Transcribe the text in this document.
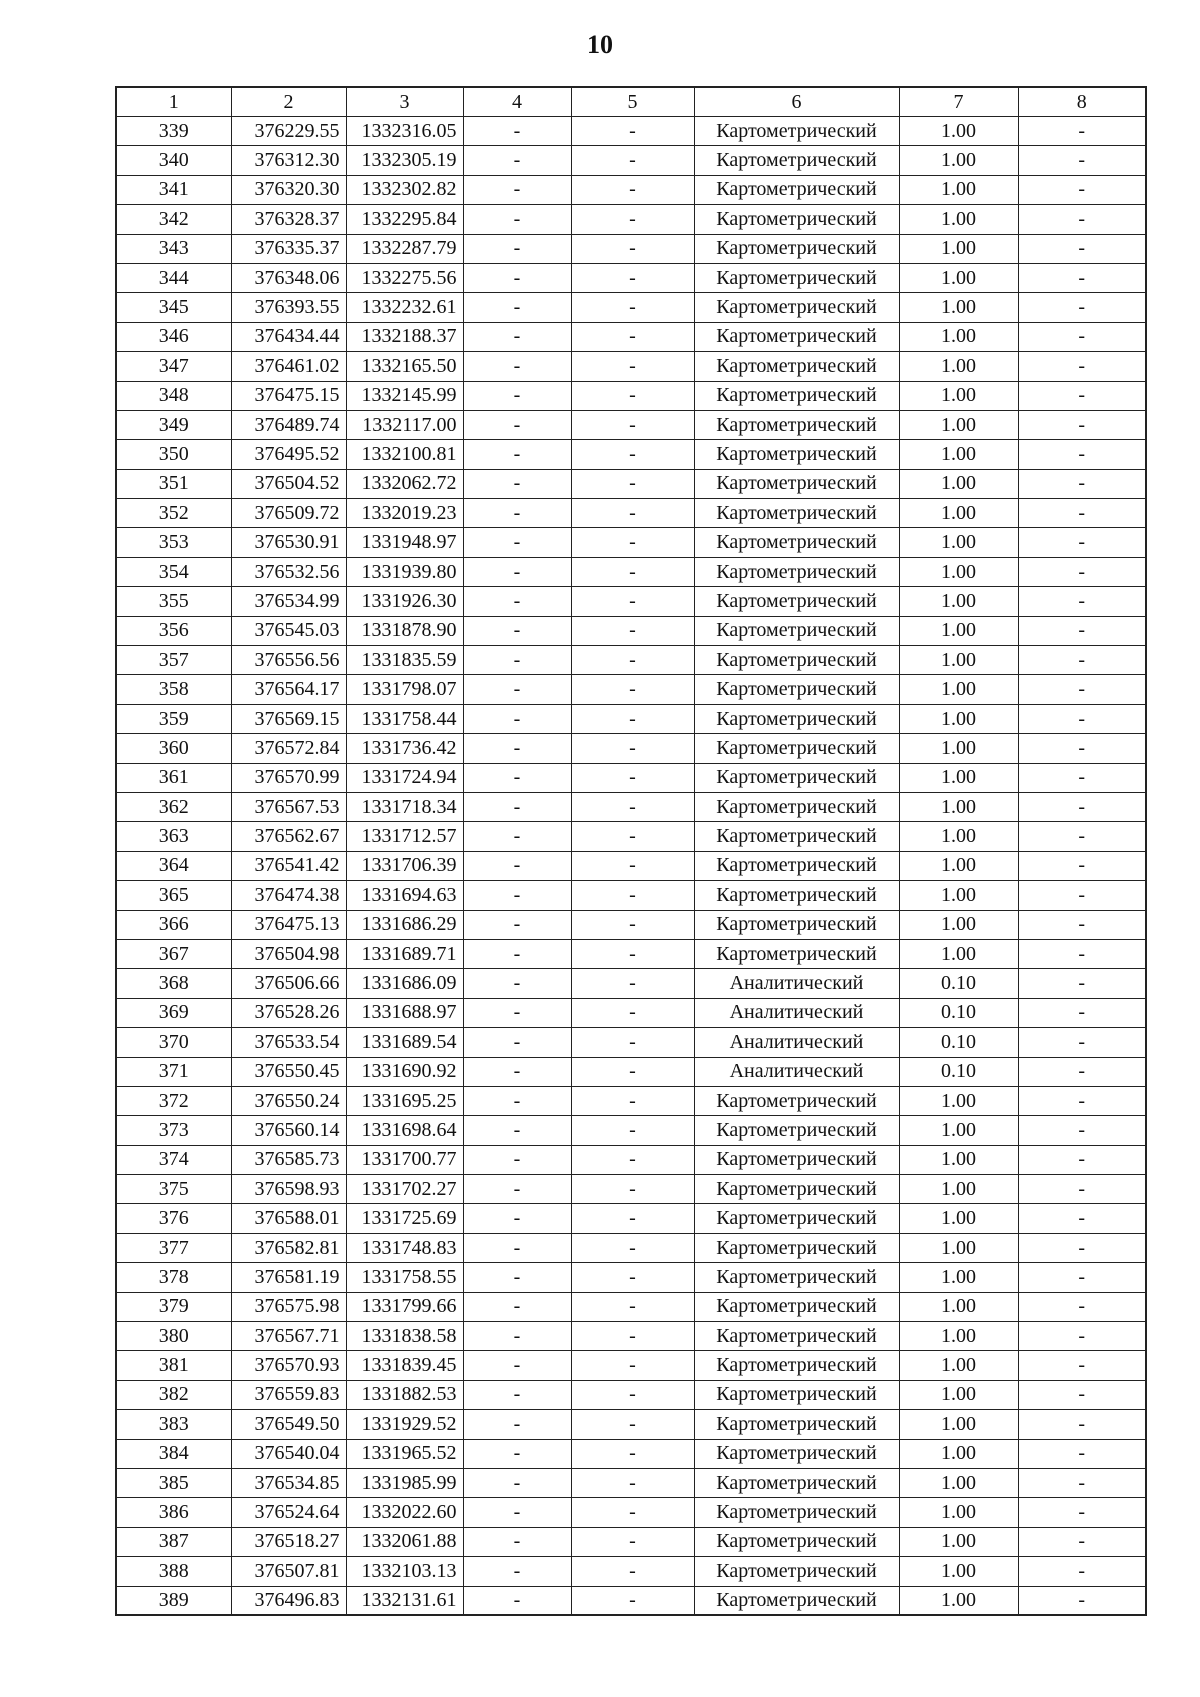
10
1	2	3	4	5	6	7	8
339	376229.55	1332316.05	-	-	Картометрический	1.00	-
340	376312.30	1332305.19	-	-	Картометрический	1.00	-
341	376320.30	1332302.82	-	-	Картометрический	1.00	-
342	376328.37	1332295.84	-	-	Картометрический	1.00	-
343	376335.37	1332287.79	-	-	Картометрический	1.00	-
344	376348.06	1332275.56	-	-	Картометрический	1.00	-
345	376393.55	1332232.61	-	-	Картометрический	1.00	-
346	376434.44	1332188.37	-	-	Картометрический	1.00	-
347	376461.02	1332165.50	-	-	Картометрический	1.00	-
348	376475.15	1332145.99	-	-	Картометрический	1.00	-
349	376489.74	1332117.00	-	-	Картометрический	1.00	-
350	376495.52	1332100.81	-	-	Картометрический	1.00	-
351	376504.52	1332062.72	-	-	Картометрический	1.00	-
352	376509.72	1332019.23	-	-	Картометрический	1.00	-
353	376530.91	1331948.97	-	-	Картометрический	1.00	-
354	376532.56	1331939.80	-	-	Картометрический	1.00	-
355	376534.99	1331926.30	-	-	Картометрический	1.00	-
356	376545.03	1331878.90	-	-	Картометрический	1.00	-
357	376556.56	1331835.59	-	-	Картометрический	1.00	-
358	376564.17	1331798.07	-	-	Картометрический	1.00	-
359	376569.15	1331758.44	-	-	Картометрический	1.00	-
360	376572.84	1331736.42	-	-	Картометрический	1.00	-
361	376570.99	1331724.94	-	-	Картометрический	1.00	-
362	376567.53	1331718.34	-	-	Картометрический	1.00	-
363	376562.67	1331712.57	-	-	Картометрический	1.00	-
364	376541.42	1331706.39	-	-	Картометрический	1.00	-
365	376474.38	1331694.63	-	-	Картометрический	1.00	-
366	376475.13	1331686.29	-	-	Картометрический	1.00	-
367	376504.98	1331689.71	-	-	Картометрический	1.00	-
368	376506.66	1331686.09	-	-	Аналитический	0.10	-
369	376528.26	1331688.97	-	-	Аналитический	0.10	-
370	376533.54	1331689.54	-	-	Аналитический	0.10	-
371	376550.45	1331690.92	-	-	Аналитический	0.10	-
372	376550.24	1331695.25	-	-	Картометрический	1.00	-
373	376560.14	1331698.64	-	-	Картометрический	1.00	-
374	376585.73	1331700.77	-	-	Картометрический	1.00	-
375	376598.93	1331702.27	-	-	Картометрический	1.00	-
376	376588.01	1331725.69	-	-	Картометрический	1.00	-
377	376582.81	1331748.83	-	-	Картометрический	1.00	-
378	376581.19	1331758.55	-	-	Картометрический	1.00	-
379	376575.98	1331799.66	-	-	Картометрический	1.00	-
380	376567.71	1331838.58	-	-	Картометрический	1.00	-
381	376570.93	1331839.45	-	-	Картометрический	1.00	-
382	376559.83	1331882.53	-	-	Картометрический	1.00	-
383	376549.50	1331929.52	-	-	Картометрический	1.00	-
384	376540.04	1331965.52	-	-	Картометрический	1.00	-
385	376534.85	1331985.99	-	-	Картометрический	1.00	-
386	376524.64	1332022.60	-	-	Картометрический	1.00	-
387	376518.27	1332061.88	-	-	Картометрический	1.00	-
388	376507.81	1332103.13	-	-	Картометрический	1.00	-
389	376496.83	1332131.61	-	-	Картометрический	1.00	-
